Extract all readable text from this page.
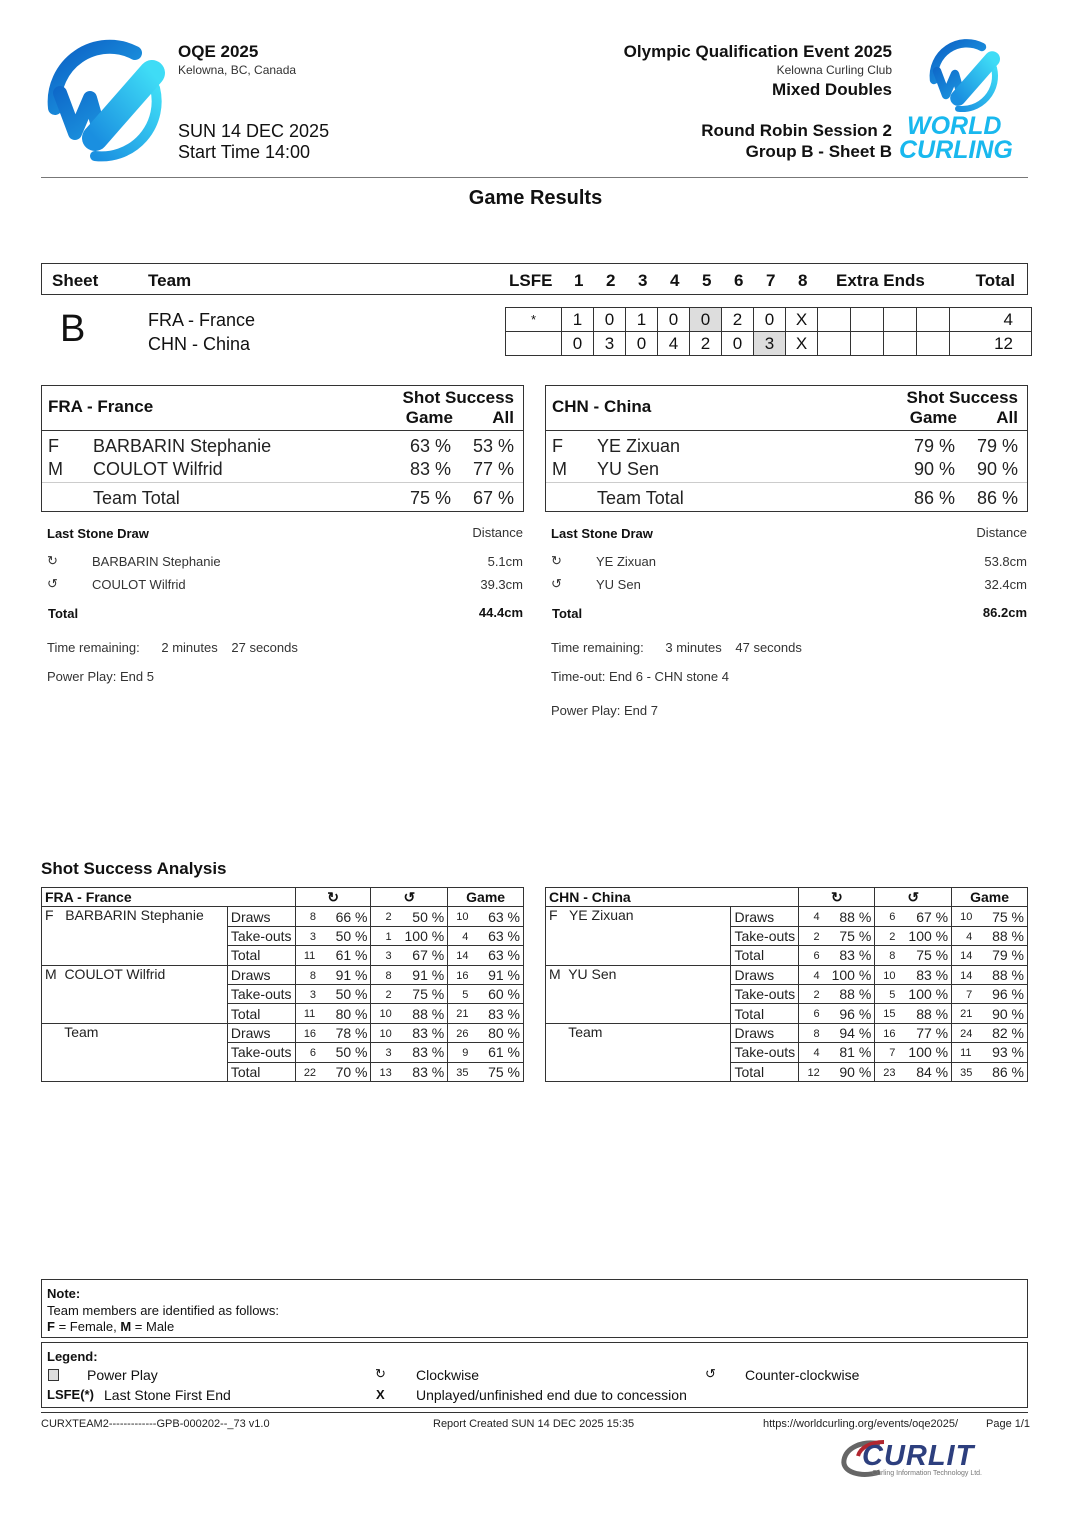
WORLD
CURLING
OQE 2025
Kelowna, BC, Canada
SUN 14 DEC 2025
Start Time 14:00
Olympic Qualification Event 2025
Kelowna Curling Club
Mixed Doubles
Round Robin Session 2
Group B - Sheet B
Game Results
Sheet	Team	LSFE 1 2 3 4 5 6 7 8 Extra Ends	Total
B	FRA - France
CHN - China
*	1	0	1	0	0	2	0	X					4
	0	3	0	4	2	0	3	X					12
FRA - France	Shot Success
Game All
F BARBARIN Stephanie	63 % 53 %
M COULOT Wilfrid	83 % 77 %
Team Total	75 % 67 %
CHN - China	Shot Success
Game All
F YE Zixuan	79 % 79 %
M YU Sen	90 % 90 %
Team Total	86 % 86 %
Last Stone Draw	Distance
↻	BARBARIN Stephanie	5.1cm
↺	COULOT Wilfrid	39.3cm
Total	44.4cm
Time remaining: 2 minutes 27 seconds
Power Play: End 5
Last Stone Draw	Distance
↻	YE Zixuan	53.8cm
↺	YU Sen	32.4cm
Total	86.2cm
Time remaining: 3 minutes 47 seconds
Time-out: End 6 - CHN stone 4
Power Play: End 7
Shot Success Analysis
FRA - France		↻	↺	Game
F   BARBARIN Stephanie	Draws	8 66 %	2 50 %	10 63 %
	Take-outs	3 50 %	1 100 %	4 63 %
	Total	11 61 %	3 67 %	14 63 %
M  COULOT Wilfrid	Draws	8 91 %	8 91 %	16 91 %
	Take-outs	3 50 %	2 75 %	5 60 %
	Total	11 80 %	10 88 %	21 83 %
Team	Draws	16 78 %	10 83 %	26 80 %
	Take-outs	6 50 %	3 83 %	9 61 %
	Total	22 70 %	13 83 %	35 75 %
CHN - China		↻	↺	Game
F   YE Zixuan	Draws	4 88 %	6 67 %	10 75 %
	Take-outs	2 75 %	2 100 %	4 88 %
	Total	6 83 %	8 75 %	14 79 %
M  YU Sen	Draws	4 100 %	10 83 %	14 88 %
	Take-outs	2 88 %	5 100 %	7 96 %
	Total	6 96 %	15 88 %	21 90 %
Team	Draws	8 94 %	16 77 %	24 82 %
	Take-outs	4 81 %	7 100 %	11 93 %
	Total	12 90 %	23 84 %	35 86 %
Note:
Team members are identified as follows:
F = Female, M = Male
Legend:
Power Play
LSFE(*) Last Stone First End
↻ Clockwise
X Unplayed/unfinished end due to concession
↺ Counter-clockwise
CURXTEAM2-------------GPB-000202--_73 v1.0	Report Created SUN 14 DEC 2025 15:35	https://worldcurling.org/events/oqe2025/	Page 1/1
CURLIT
Curling Information Technology Ltd.
